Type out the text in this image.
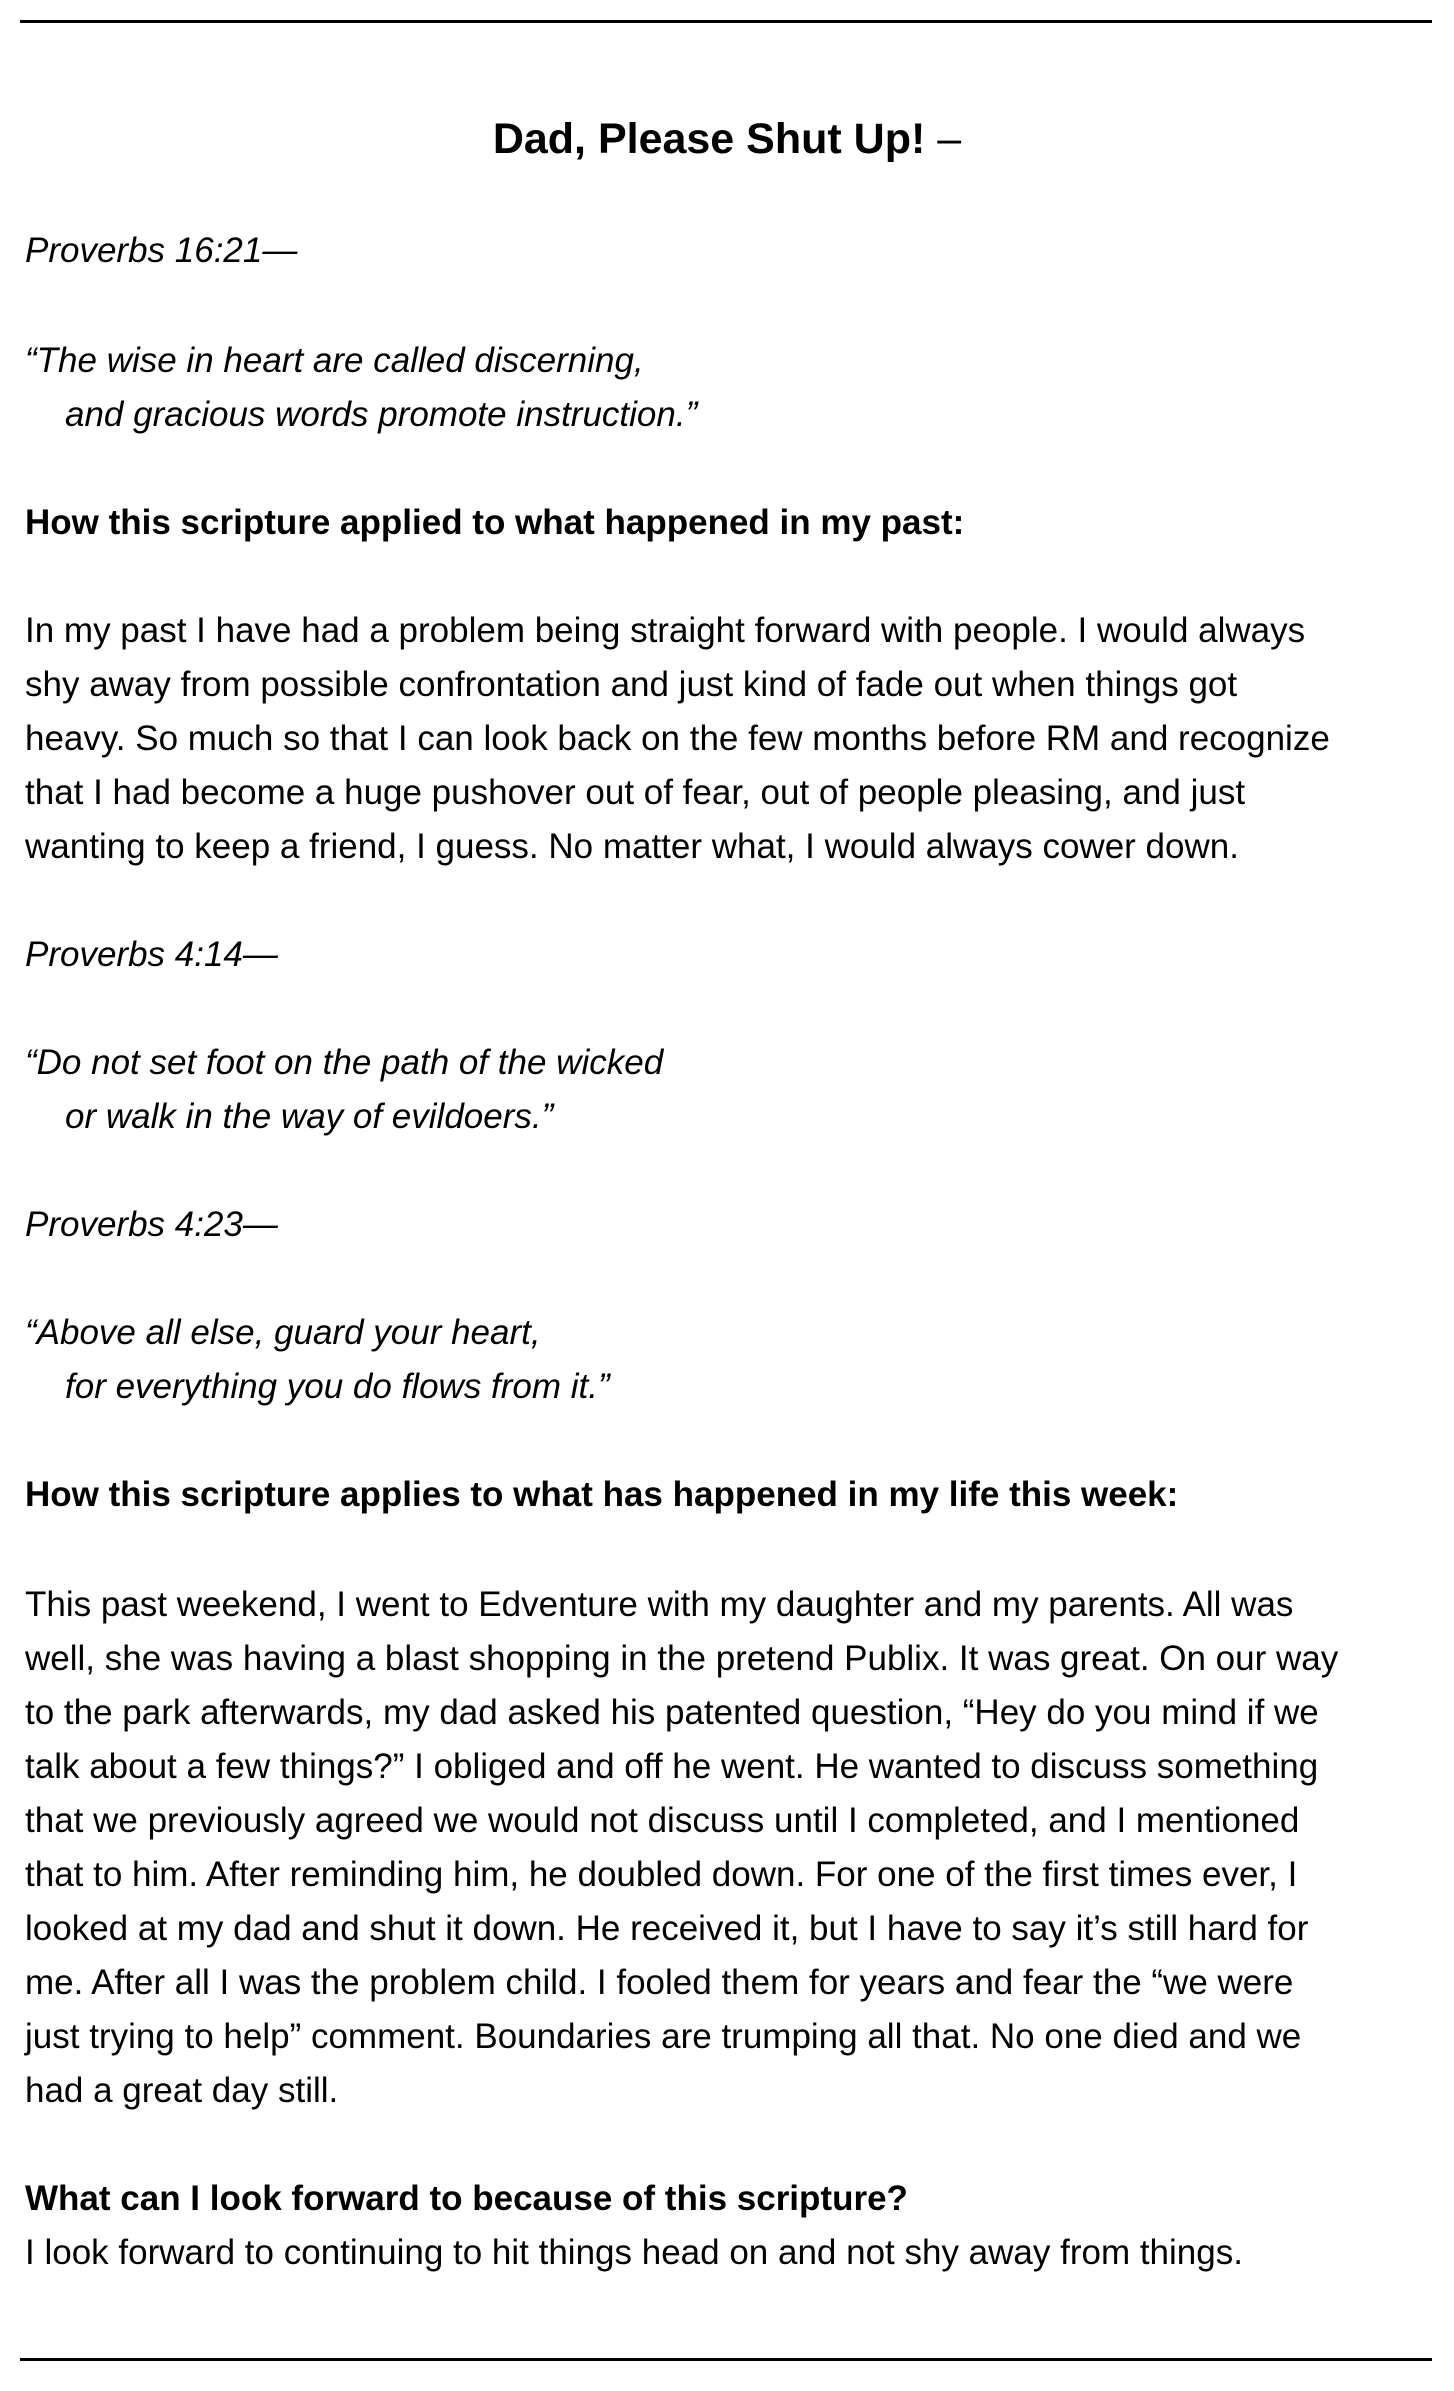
Dad, Please Shut Up! –
Proverbs 16:21—
“The wise in heart are called discerning,
and gracious words promote instruction.”
How this scripture applied to what happened in my past:
In my past I have had a problem being straight forward with people. I would always
shy away from possible confrontation and just kind of fade out when things got
heavy. So much so that I can look back on the few months before RM and recognize
that I had become a huge pushover out of fear, out of people pleasing, and just
wanting to keep a friend, I guess. No matter what, I would always cower down.
Proverbs 4:14—
“Do not set foot on the path of the wicked
or walk in the way of evildoers.”
Proverbs 4:23—
“Above all else, guard your heart,
for everything you do flows from it.”
How this scripture applies to what has happened in my life this week:
This past weekend, I went to Edventure with my daughter and my parents. All was
well, she was having a blast shopping in the pretend Publix. It was great. On our way
to the park afterwards, my dad asked his patented question, “Hey do you mind if we
talk about a few things?” I obliged and off he went. He wanted to discuss something
that we previously agreed we would not discuss until I completed, and I mentioned
that to him. After reminding him, he doubled down. For one of the first times ever, I
looked at my dad and shut it down. He received it, but I have to say it’s still hard for
me. After all I was the problem child. I fooled them for years and fear the “we were
just trying to help” comment. Boundaries are trumping all that. No one died and we
had a great day still.
What can I look forward to because of this scripture?
I look forward to continuing to hit things head on and not shy away from things.
